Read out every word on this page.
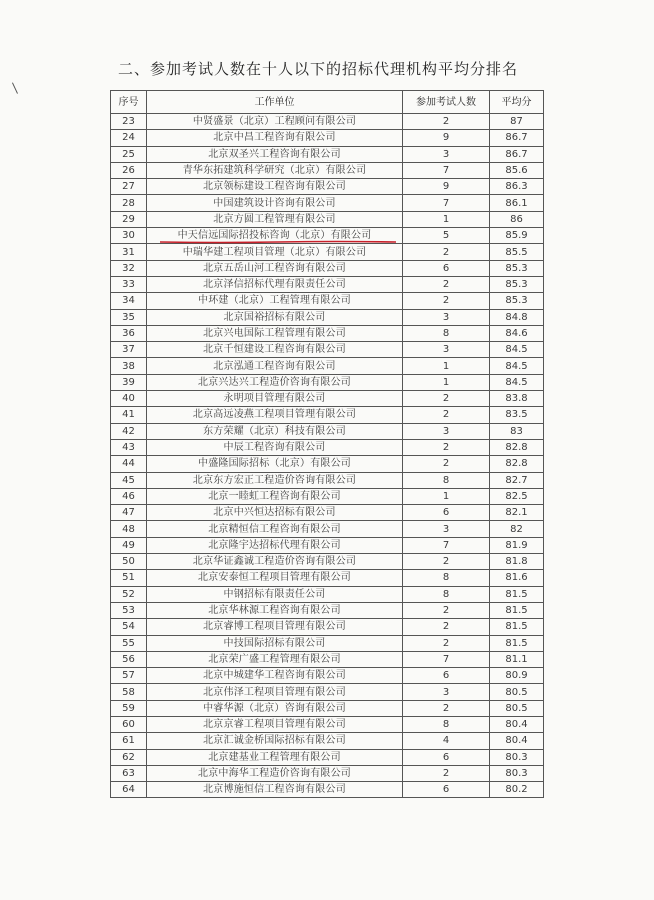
二、参加考试人数在十人以下的招标代理机构平均分排名
序号	工作单位	参加考试人数	平均分
23	中贤盛景（北京）工程顾问有限公司	2	87
24	北京中昌工程咨询有限公司	9	86.7
25	北京双圣兴工程咨询有限公司	3	86.7
26	青华东拓建筑科学研究（北京）有限公司	7	85.6
27	北京领标建设工程咨询有限公司	9	86.3
28	中国建筑设计咨询有限公司	7	86.1
29	北京方圆工程管理有限公司	1	86
30	中天信远国际招投标咨询（北京）有限公司	5	85.9
31	中瑞华建工程项目管理（北京）有限公司	2	85.5
32	北京五岳山河工程咨询有限公司	6	85.3
33	北京泽信招标代理有限责任公司	2	85.3
34	中环建（北京）工程管理有限公司	2	85.3
35	北京国裕招标有限公司	3	84.8
36	北京兴电国际工程管理有限公司	8	84.6
37	北京千恒建设工程咨询有限公司	3	84.5
38	北京泓通工程咨询有限公司	1	84.5
39	北京兴达兴工程造价咨询有限公司	1	84.5
40	永明项目管理有限公司	2	83.8
41	北京高远凌燕工程项目管理有限公司	2	83.5
42	东方荣耀（北京）科技有限公司	3	83
43	中辰工程咨询有限公司	2	82.8
44	中盛隆国际招标（北京）有限公司	2	82.8
45	北京东方宏正工程造价咨询有限公司	8	82.7
46	北京一睦虹工程咨询有限公司	1	82.5
47	北京中兴恒达招标有限公司	6	82.1
48	北京精恒信工程咨询有限公司	3	82
49	北京隆宇达招标代理有限公司	7	81.9
50	北京华证鑫诚工程造价咨询有限公司	2	81.8
51	北京安泰恒工程项目管理有限公司	8	81.6
52	中钢招标有限责任公司	8	81.5
53	北京华林源工程咨询有限公司	2	81.5
54	北京睿博工程项目管理有限公司	2	81.5
55	中技国际招标有限公司	2	81.5
56	北京荣广盛工程管理有限公司	7	81.1
57	北京中城建华工程咨询有限公司	6	80.9
58	北京伟泽工程项目管理有限公司	3	80.5
59	中睿华源（北京）咨询有限公司	2	80.5
60	北京京睿工程项目管理有限公司	8	80.4
61	北京汇诚金桥国际招标有限公司	4	80.4
62	北京建基业工程管理有限公司	6	80.3
63	北京中海华工程造价咨询有限公司	2	80.3
64	北京博施恒信工程咨询有限公司	6	80.2
